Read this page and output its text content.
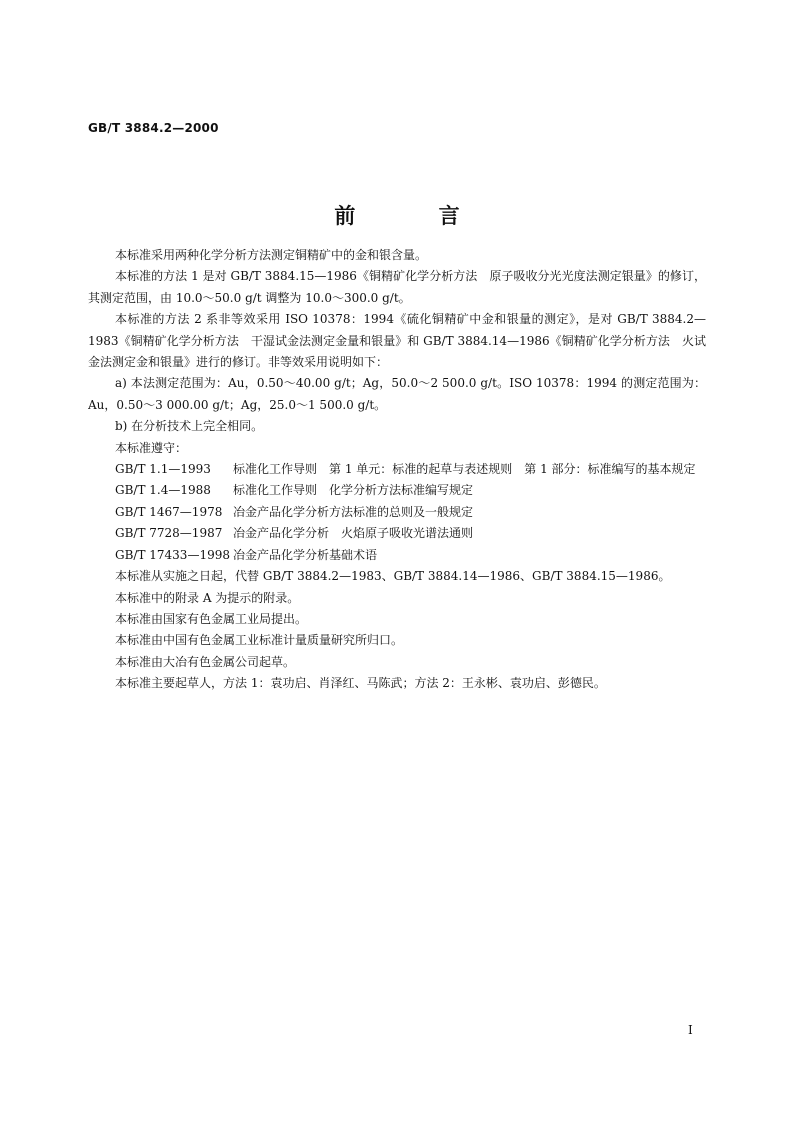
GB/T 3884.2—2000
前 言

本标准采用两种化学分析方法测定铜精矿中的金和银含量。

本标准的方法 1 是对 GB/T 3884.15—1986《铜精矿化学分析方法　原子吸收分光光度法测定银量》的修订，其测定范围，由 10.0～50.0 g/t 调整为 10.0～300.0 g/t。

本标准的方法 2 系非等效采用 ISO 10378：1994《硫化铜精矿中金和银量的测定》，是对 GB/T 3884.2—1983《铜精矿化学分析方法　干湿试金法测定金量和银量》和 GB/T 3884.14—1986《铜精矿化学分析方法　火试金法测定金和银量》进行的修订。非等效采用说明如下：

a) 本法测定范围为：Au，0.50～40.00 g/t；Ag，50.0～2 500.0 g/t。ISO 10378：1994 的测定范围为：Au，0.50～3 000.00 g/t；Ag，25.0～1 500.0 g/t。

b) 在分析技术上完全相同。

本标准遵守：

GB/T 1.1—1993	标准化工作导则　第 1 单元：标准的起草与表述规则　第 1 部分：标准编写的基本规定
GB/T 1.4—1988	标准化工作导则　化学分析方法标准编写规定
GB/T 1467—1978 冶金产品化学分析方法标准的总则及一般规定
GB/T 7728—1987 冶金产品化学分析　火焰原子吸收光谱法通则
GB/T 17433—1998 冶金产品化学分析基础术语

本标准从实施之日起，代替 GB/T 3884.2—1983、GB/T 3884.14—1986、GB/T 3884.15—1986。

本标准中的附录 A 为提示的附录。

本标准由国家有色金属工业局提出。

本标准由中国有色金属工业标准计量质量研究所归口。

本标准由大冶有色金属公司起草。

本标准主要起草人，方法 1：袁功启、肖泽红、马陈武；方法 2：王永彬、袁功启、彭德民。

I
